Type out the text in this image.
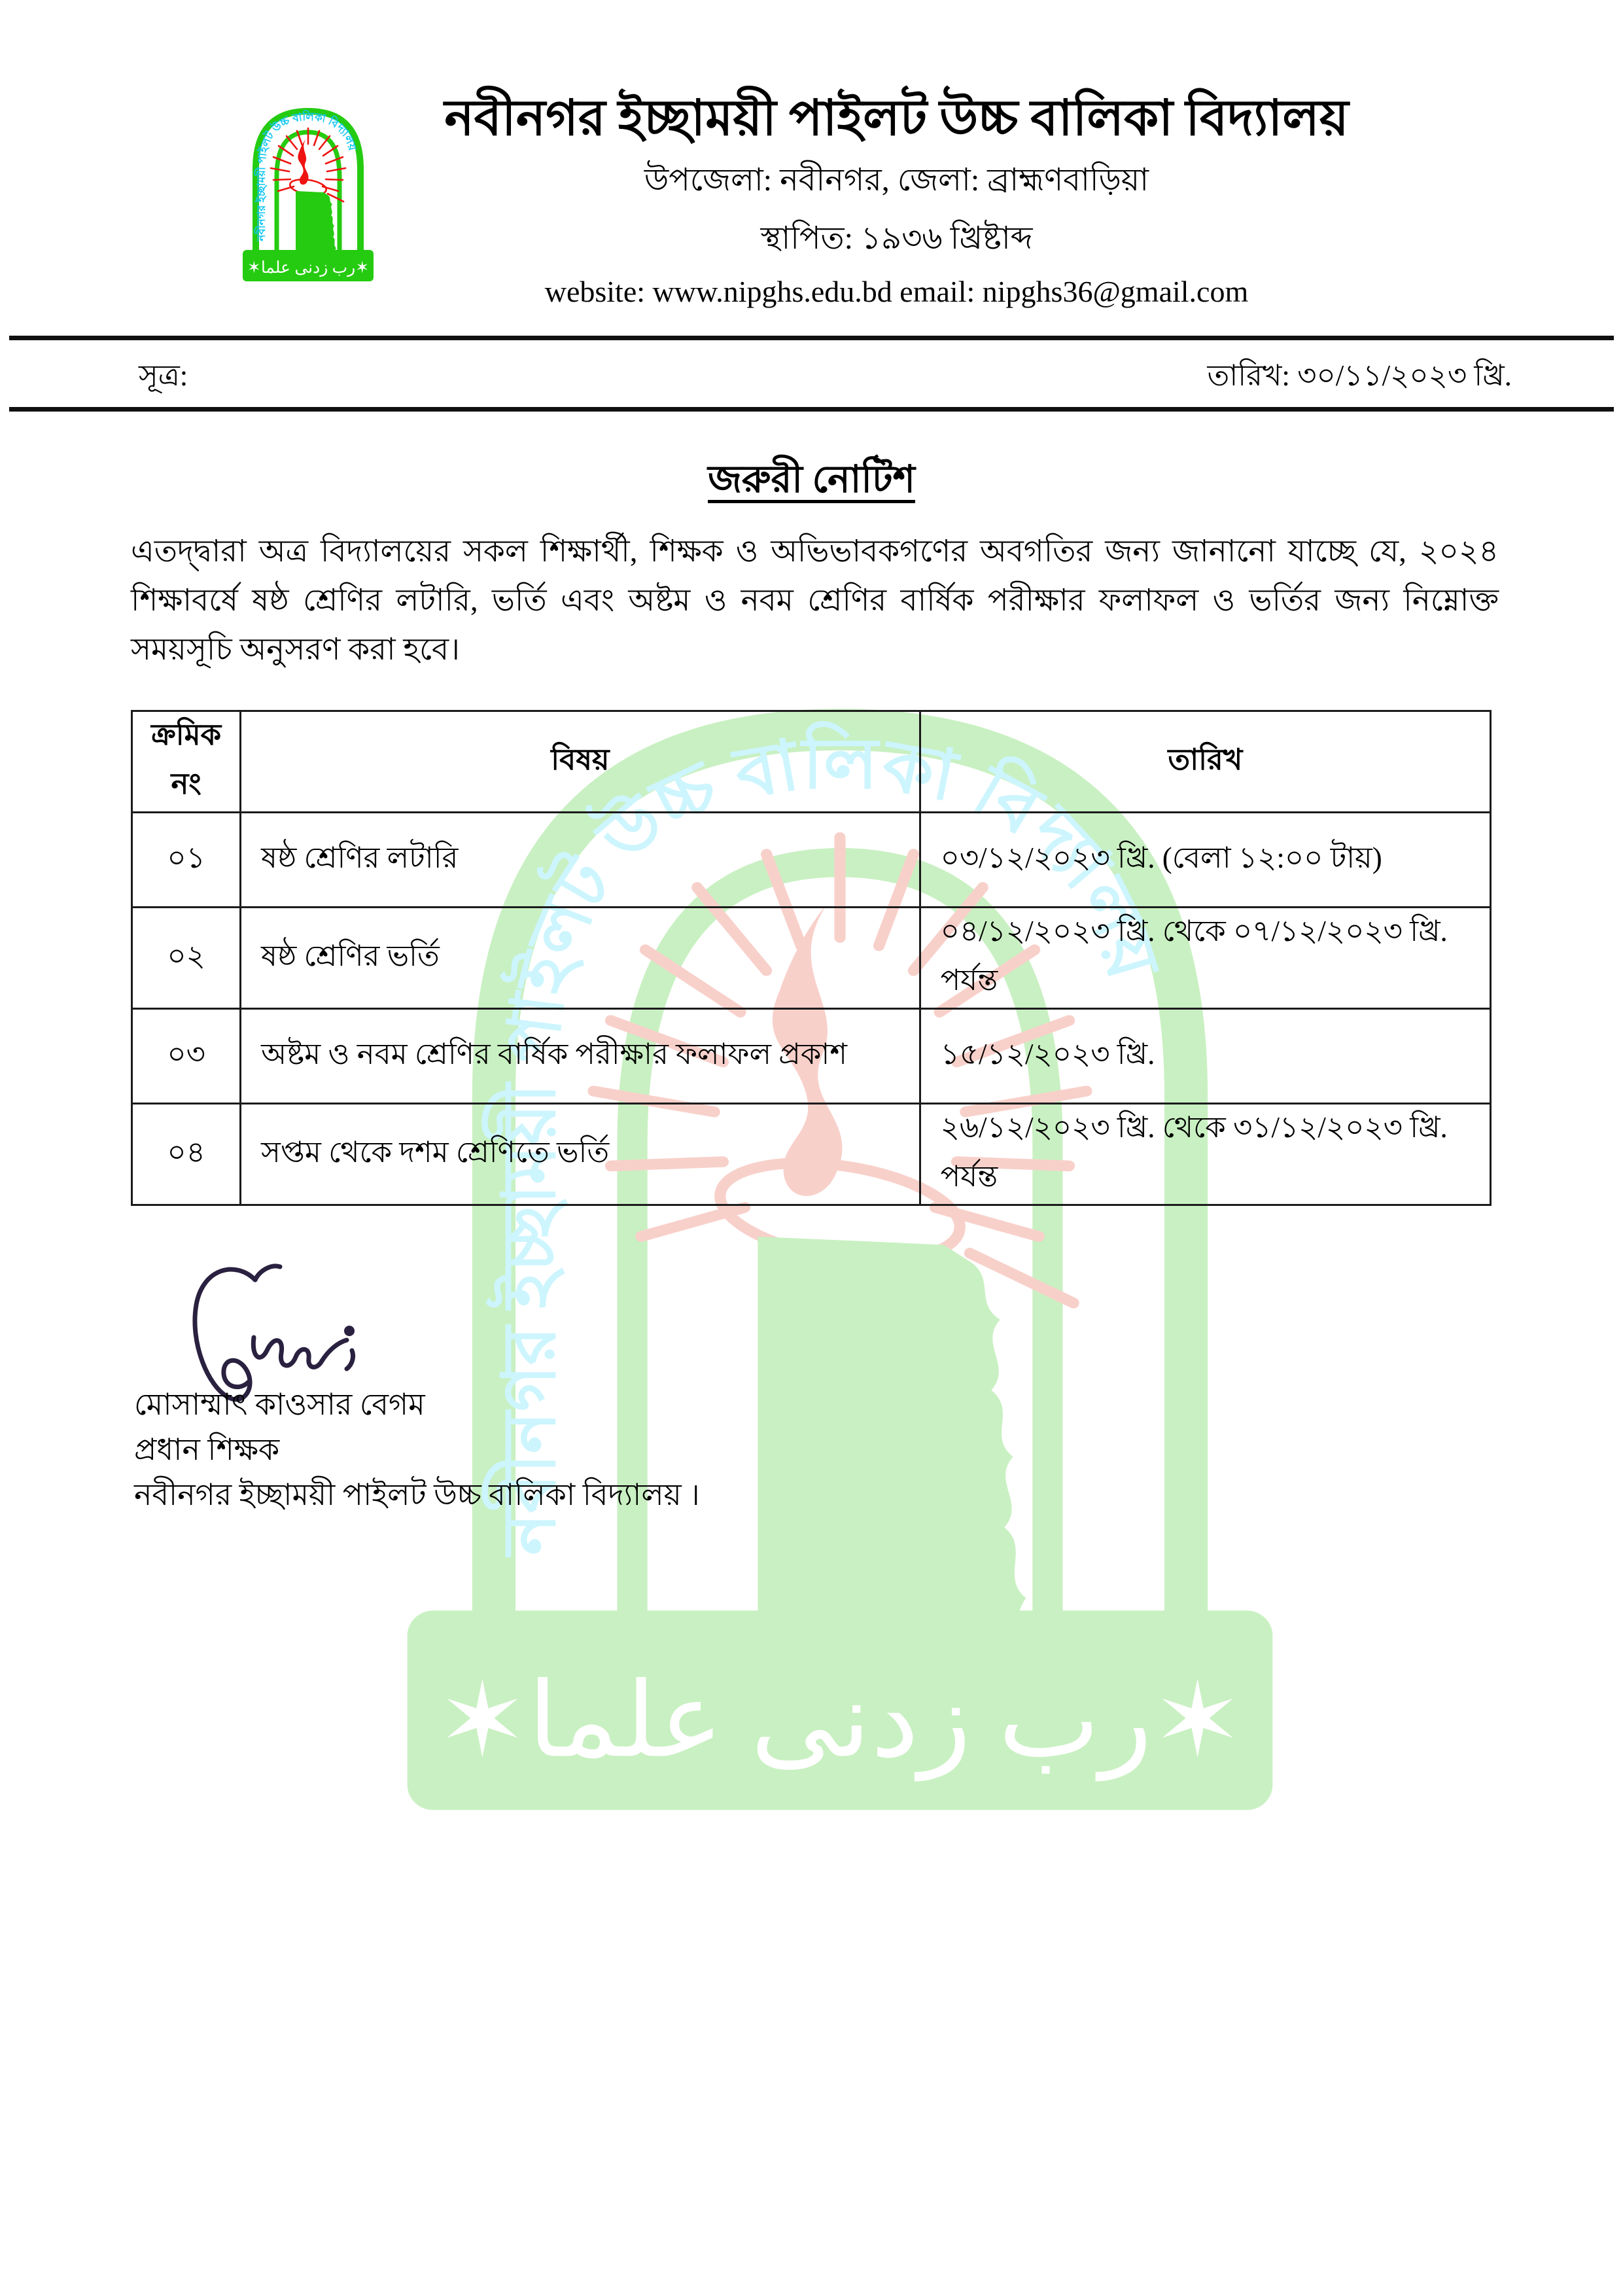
নবীনগর ইচ্ছাময়ী পাইলট উচ্চ বালিকা বিদ্যালয়
উপজেলা: নবীনগর, জেলা: ব্রাহ্মণবাড়িয়া
স্থাপিত: ১৯৩৬ খ্রিষ্টাব্দ
website: www.nipghs.edu.bd email: nipghs36@gmail.com
সূত্র:	তারিখ: ৩০/১১/২০২৩ খ্রি.
জরুরী নোটিশ

এতদ্দ্বারা অত্র বিদ্যালয়ের সকল শিক্ষার্থী, শিক্ষক ও অভিভাবকগণের অবগতির জন্য জানানো যাচ্ছে যে, ২০২৪ শিক্ষাবর্ষে ষষ্ঠ শ্রেণির লটারি, ভর্তি এবং অষ্টম ও নবম শ্রেণির বার্ষিক পরীক্ষার ফলাফল ও ভর্তির জন্য নিম্নোক্ত সময়সূচি অনুসরণ করা হবে।

ক্রমিক নং	বিষয়	তারিখ
০১	ষষ্ঠ শ্রেণির লটারি	০৩/১২/২০২৩ খ্রি. (বেলা ১২:০০ টায়)
০২	ষষ্ঠ শ্রেণির ভর্তি	০৪/১২/২০২৩ খ্রি. থেকে ০৭/১২/২০২৩ খ্রি. পর্যন্ত
০৩	অষ্টম ও নবম শ্রেণির বার্ষিক পরীক্ষার ফলাফল প্রকাশ	১৫/১২/২০২৩ খ্রি.
০৪	সপ্তম থেকে দশম শ্রেণিতে ভর্তি	২৬/১২/২০২৩ খ্রি. থেকে ৩১/১২/২০২৩ খ্রি. পর্যন্ত
মোসাম্মাৎ কাওসার বেগম
প্রধান শিক্ষক
নবীনগর ইচ্ছাময়ী পাইলট উচ্চ বালিকা বিদ্যালয় ।
